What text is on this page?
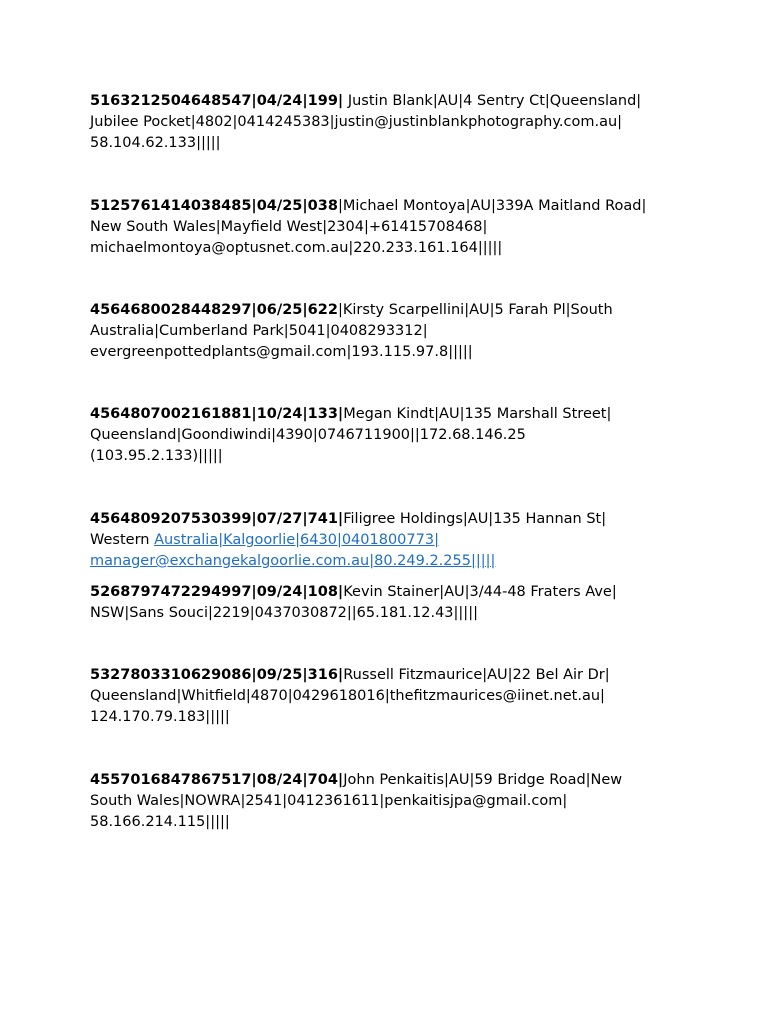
5163212504648547|04/24|199| Justin Blank|AU|4 Sentry Ct|Queensland|
Jubilee Pocket|4802|0414245383|justin@justinblankphotography.com.au|
58.104.62.133|||||

5125761414038485|04/25|038|Michael Montoya|AU|339A Maitland Road|
New South Wales|Mayfield West|2304|+61415708468|
michaelmontoya@optusnet.com.au|220.233.161.164|||||

4564680028448297|06/25|622|Kirsty Scarpellini|AU|5 Farah Pl|South
Australia|Cumberland Park|5041|0408293312|
evergreenpottedplants@gmail.com|193.115.97.8|||||

4564807002161881|10/24|133|Megan Kindt|AU|135 Marshall Street|
Queensland|Goondiwindi|4390|0746711900||172.68.146.25
(103.95.2.133)|||||

4564809207530399|07/27|741|Filigree Holdings|AU|135 Hannan St|
Western Australia|Kalgoorlie|6430|0401800773|
manager@exchangekalgoorlie.com.au|80.249.2.255|||||

5268797472294997|09/24|108|Kevin Stainer|AU|3/44-48 Fraters Ave|
NSW|Sans Souci|2219|0437030872||65.181.12.43|||||

5327803310629086|09/25|316|Russell Fitzmaurice|AU|22 Bel Air Dr|
Queensland|Whitfield|4870|0429618016|thefitzmaurices@iinet.net.au|
124.170.79.183|||||

4557016847867517|08/24|704|John Penkaitis|AU|59 Bridge Road|New
South Wales|NOWRA|2541|0412361611|penkaitisjpa@gmail.com|
58.166.214.115|||||
